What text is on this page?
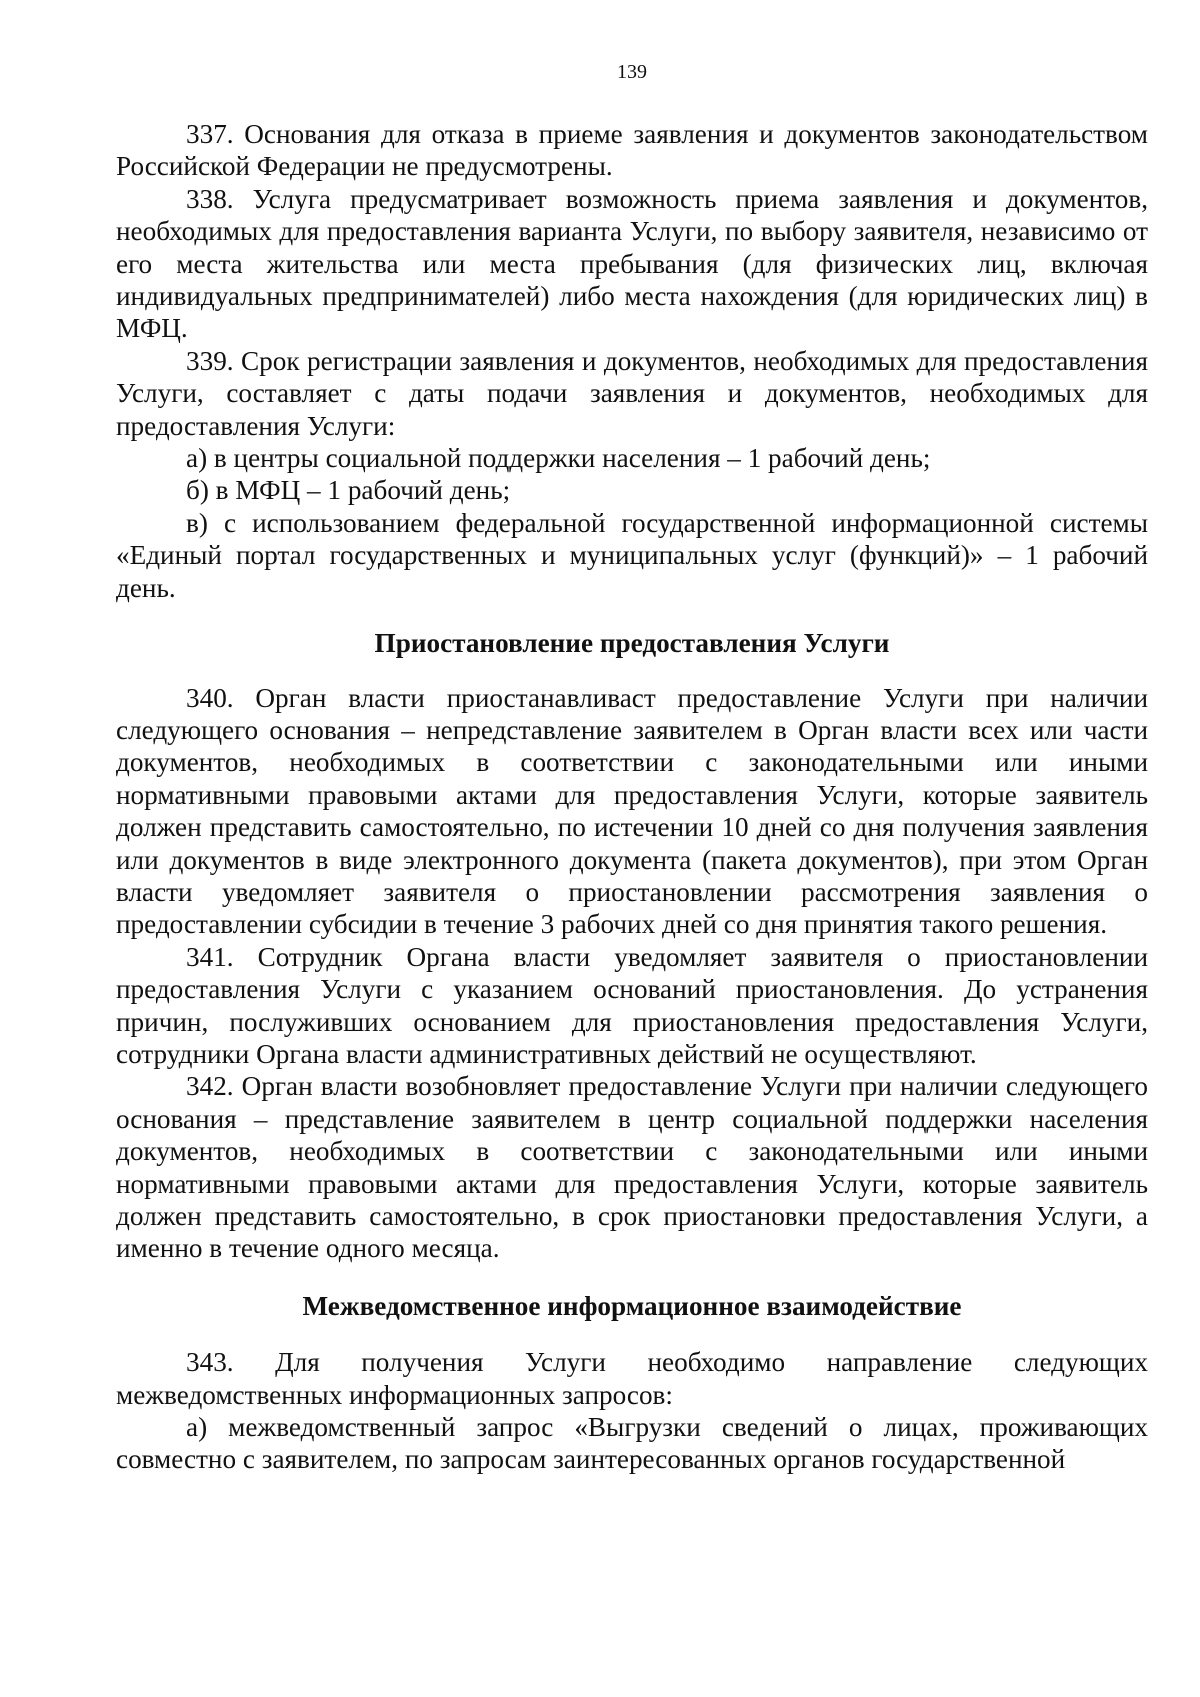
139

337. Основания для отказа в приеме заявления и документов законодательством Российской Федерации не предусмотрены.

338. Услуга предусматривает возможность приема заявления и документов, необходимых для предоставления варианта Услуги, по выбору заявителя, независимо от его места жительства или места пребывания (для физических лиц, включая индивидуальных предпринимателей) либо места нахождения (для юридических лиц) в МФЦ.

339. Срок регистрации заявления и документов, необходимых для предоставления Услуги, составляет с даты подачи заявления и документов, необходимых для предоставления Услуги:

а) в центры социальной поддержки населения – 1 рабочий день;

б) в МФЦ – 1 рабочий день;

в) с использованием федеральной государственной информационной системы «Единый портал государственных и муниципальных услуг (функций)» – 1 рабочий день.

Приостановление предоставления Услуги

340. Орган власти приостанавливаст предоставление Услуги при наличии следующего основания – непредставление заявителем в Орган власти всех или части документов, необходимых в соответствии с законодательными или иными нормативными правовыми актами для предоставления Услуги, которые заявитель должен представить самостоятельно, по истечении 10 дней со дня получения заявления или документов в виде электронного документа (пакета документов), при этом Орган власти уведомляет заявителя о приостановлении рассмотрения заявления о предоставлении субсидии в течение 3 рабочих дней со дня принятия такого решения.

341. Сотрудник Органа власти уведомляет заявителя о приостановлении предоставления Услуги с указанием оснований приостановления. До устранения причин, послуживших основанием для приостановления предоставления Услуги, сотрудники Органа власти административных действий не осуществляют.

342. Орган власти возобновляет предоставление Услуги при наличии следующего основания – представление заявителем в центр социальной поддержки населения документов, необходимых в соответствии с законодательными или иными нормативными правовыми актами для предоставления Услуги, которые заявитель должен представить самостоятельно, в срок приостановки предоставления Услуги, а именно в течение одного месяца.

Межведомственное информационное взаимодействие

343. Для получения Услуги необходимо направление следующих межведомственных информационных запросов:

а) межведомственный запрос «Выгрузки сведений о лицах, проживающих совместно с заявителем, по запросам заинтересованных органов государственной
